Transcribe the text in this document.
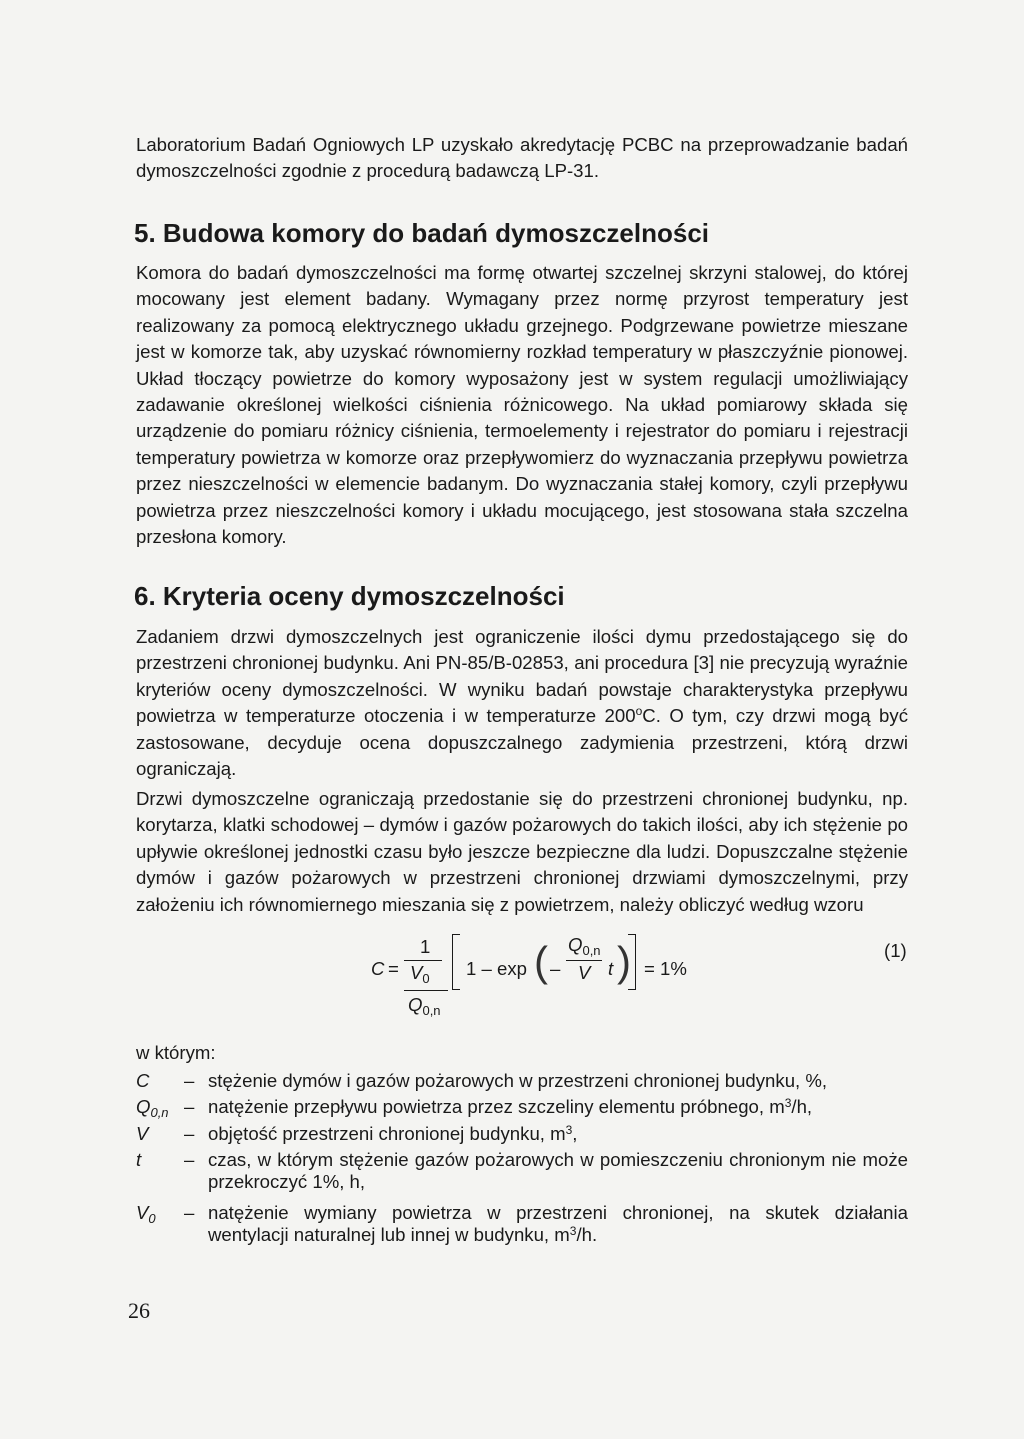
Laboratorium Badań Ogniowych LP uzyskało akredytację PCBC na przeprowadzanie badań dymoszczelności zgodnie z procedurą badawczą LP-31.

5. Budowa komory do badań dymoszczelności

Komora do badań dymoszczelności ma formę otwartej szczelnej skrzyni stalowej, do której mocowany jest element badany. Wymagany przez normę przyrost temperatury jest realizowany za pomocą elektrycznego układu grzejnego. Podgrzewane powietrze mieszane jest w komorze tak, aby uzyskać równomierny rozkład temperatury w płaszczyźnie pionowej. Układ tłoczący powietrze do komory wyposażony jest w system regulacji umożliwiający zadawanie określonej wielkości ciśnienia różnicowego. Na układ pomiarowy składa się urządzenie do pomiaru różnicy ciśnienia, termoelementy i rejestrator do pomiaru i rejestracji temperatury powietrza w komorze oraz przepływomierz do wyznaczania przepływu powietrza przez nieszczelności w elemencie badanym. Do wyznaczania stałej komory, czyli przepływu powietrza przez nieszczelności komory i układu mocującego, jest stosowana stała szczelna przesłona komory.

6. Kryteria oceny dymoszczelności

Zadaniem drzwi dymoszczelnych jest ograniczenie ilości dymu przedostającego się do przestrzeni chronionej budynku. Ani PN-85/B-02853, ani procedura [3] nie precyzują wyraźnie kryteriów oceny dymoszczelności. W wyniku badań powstaje charakterystyka przepływu powietrza w temperaturze otoczenia i w temperaturze 200$^o$C. O tym, czy drzwi mogą być zastosowane, decyduje ocena dopuszczalnego zadymienia przestrzeni, którą drzwi ograniczają.

Drzwi dymoszczelne ograniczają przedostanie się do przestrzeni chronionej budynku, np. korytarza, klatki schodowej – dymów i gazów pożarowych do takich ilości, aby ich stężenie po upływie określonej jednostki czasu było jeszcze bezpieczne dla ludzi. Dopuszczalne stężenie dymów i gazów pożarowych w przestrzeni chronionej drzwiami dymoszczelnymi, przy założeniu ich równomiernego mieszania się z powietrzem, należy obliczyć według wzoru

C =
1
$V_0$
$Q_{0,n}$
1 – exp ( –
$Q_{0,n}$
V t ) = 1%
(1)
w którym:
C – stężenie dymów i gazów pożarowych w przestrzeni chronionej budynku, %,
$Q_{0,n}$ – natężenie przepływu powietrza przez szczeliny elementu próbnego, $m^3/h$,
V – objętość przestrzeni chronionej budynku, $m^3$,
t – czas, w którym stężenie gazów pożarowych w pomieszczeniu chronionym nie może przekroczyć 1%, h,
$V_0$ – natężenie wymiany powietrza w przestrzeni chronionej, na skutek działania wentylacji naturalnej lub innej w budynku, $m^3/h$.
26
